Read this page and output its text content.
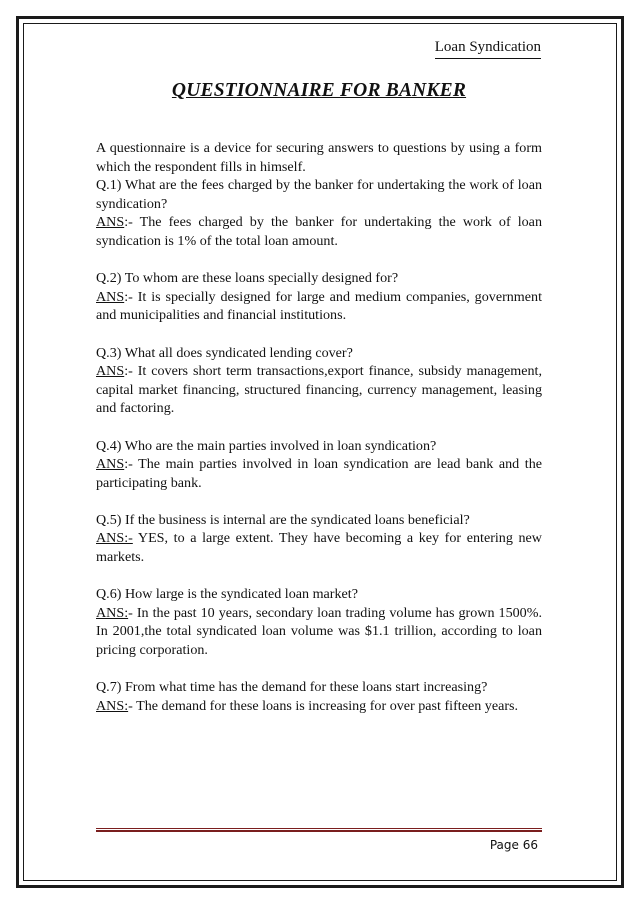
Loan Syndication
QUESTIONNAIRE FOR BANKER

A questionnaire is a device for securing answers to questions by using a form which the respondent fills in himself.

Q.1) What are the fees charged by the banker for undertaking the work of loan syndication?

ANS:- The fees charged by the banker for undertaking the work of loan syndication is 1% of the total loan amount.

Q.2) To whom are these loans specially designed for?

ANS:- It is specially designed for large and medium companies, government and municipalities and financial institutions.

Q.3) What all does syndicated lending cover?

ANS:- It covers short term transactions,export finance, subsidy management, capital market financing, structured financing, currency management, leasing and factoring.

Q.4) Who are the main parties involved in loan syndication?

ANS:- The main parties involved in loan syndication are lead bank and the participating bank.

Q.5) If the business is internal are the syndicated loans beneficial?

ANS:- YES, to a large extent. They have becoming a key for entering new markets.

Q.6) How large is the syndicated loan market?

ANS:- In the past 10 years, secondary loan trading volume has grown 1500%. In 2001,the total syndicated loan volume was $1.1 trillion, according to loan pricing corporation.

Q.7) From what time has the demand for these loans start increasing?

ANS:- The demand for these loans is increasing for over past fifteen years.

Page 66
